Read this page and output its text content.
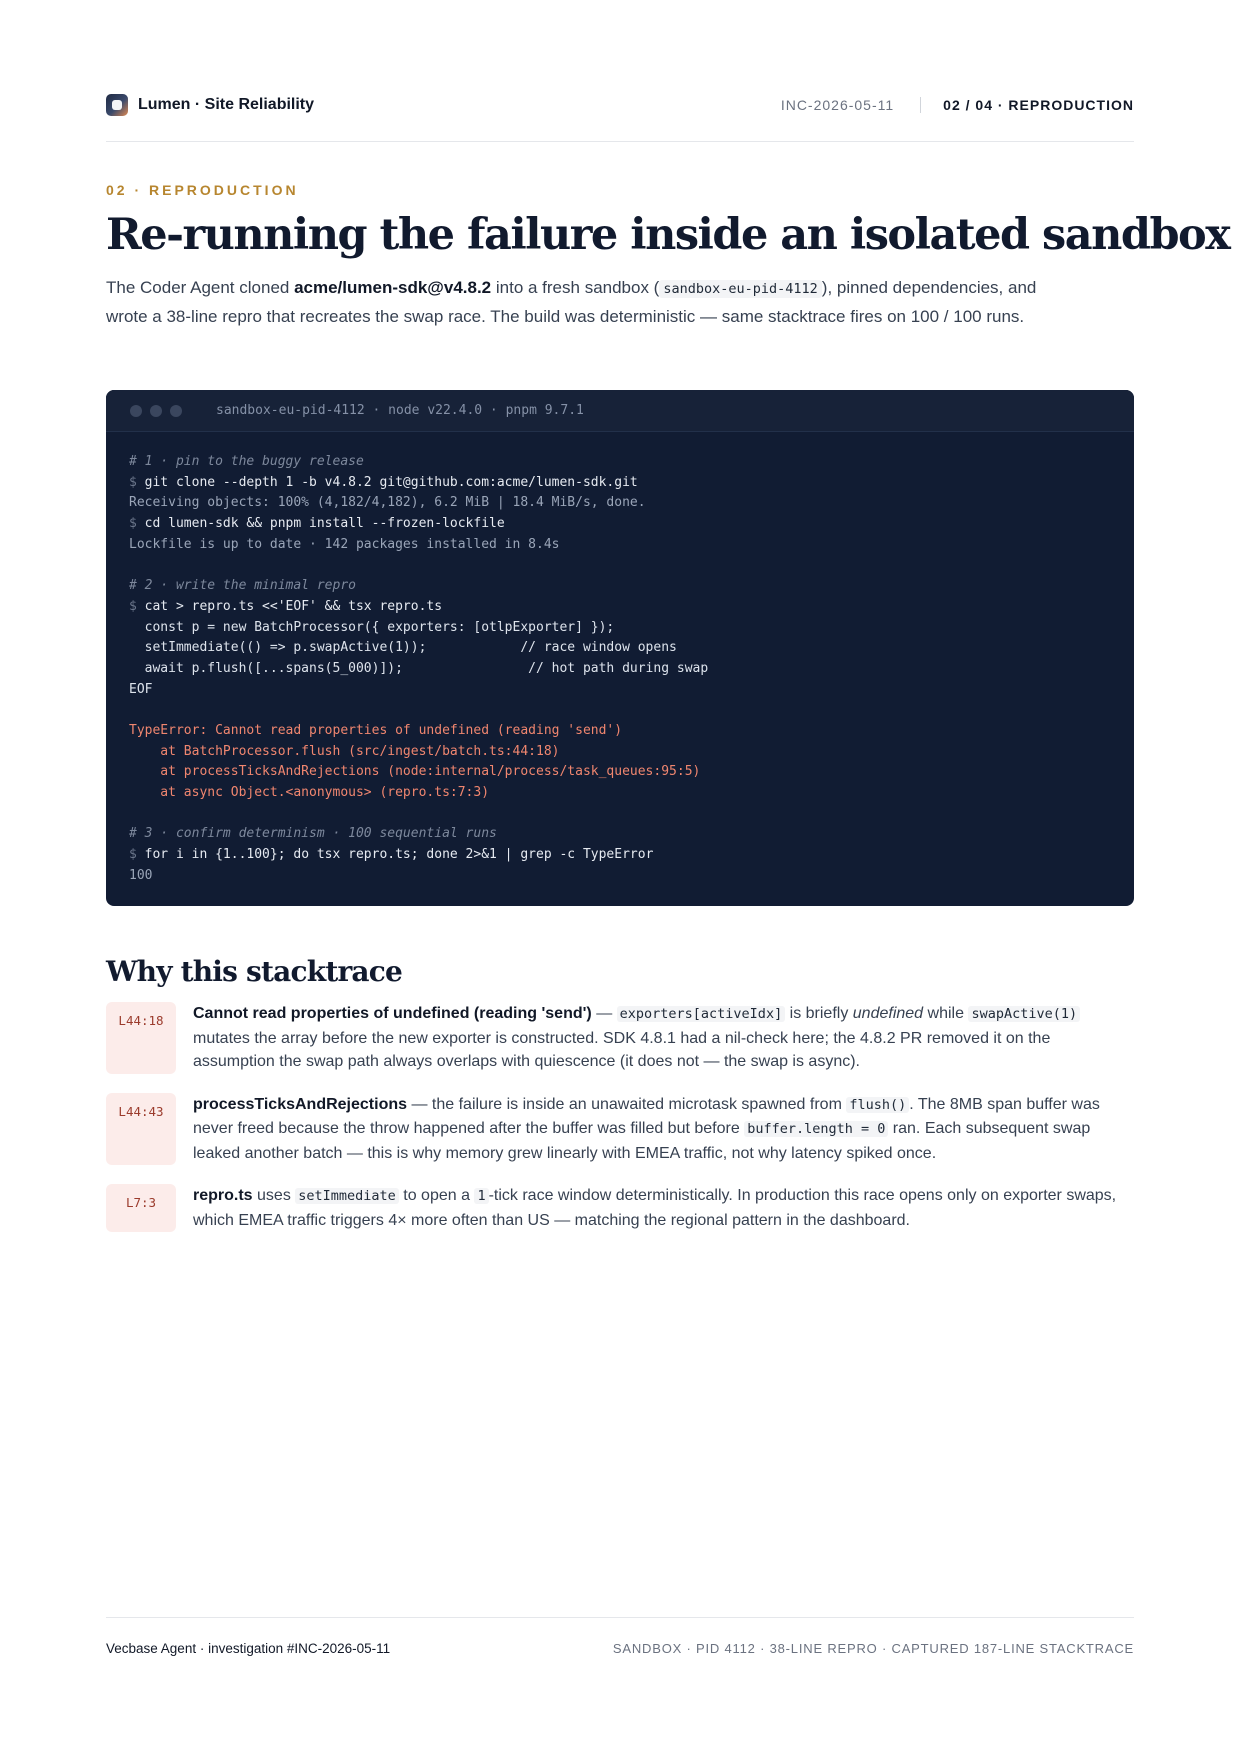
Lumen · Site Reliability	INC-2026-05-11	02 / 04 · REPRODUCTION
02 · REPRODUCTION
Re-running the failure inside an isolated sandbox

The Coder Agent cloned acme/lumen-sdk@v4.8.2 into a fresh sandbox ( sandbox-eu-pid-4112 ), pinned dependencies, and wrote a 38-line repro that recreates the swap race. The build was deterministic — same stacktrace fires on 100 / 100 runs.

sandbox-eu-pid-4112 · node v22.4.0 · pnpm 9.7.1
# 1 · pin to the buggy release
$ git clone --depth 1 -b v4.8.2 git@github.com:acme/lumen-sdk.git
Receiving objects: 100% (4,182/4,182), 6.2 MiB | 18.4 MiB/s, done.
$ cd lumen-sdk && pnpm install --frozen-lockfile
Lockfile is up to date · 142 packages installed in 8.4s
# 2 · write the minimal repro
$ cat > repro.ts <<'EOF' && tsx repro.ts
const p = new BatchProcessor({ exporters: [otlpExporter] });
setImmediate(() => p.swapActive(1));            // race window opens
await p.flush([...spans(5_000)]);                // hot path during swap
EOF
TypeError: Cannot read properties of undefined (reading 'send')
at BatchProcessor.flush (src/ingest/batch.ts:44:18)
at processTicksAndRejections (node:internal/process/task_queues:95:5)
at async Object.<anonymous> (repro.ts:7:3)
# 3 · confirm determinism · 100 sequential runs
$ for i in {1..100}; do tsx repro.ts; done 2>&1 | grep -c TypeError
100
Why this stacktrace
L44:18	Cannot read properties of undefined (reading 'send') — exporters[activeIdx] is briefly undefined while swapActive(1) mutates the array before the new exporter is constructed. SDK 4.8.1 had a nil-check here; the 4.8.2 PR removed it on the assumption the swap path always overlaps with quiescence (it does not — the swap is async).
L44:43	processTicksAndRejections — the failure is inside an unawaited microtask spawned from flush() . The 8MB span buffer was never freed because the throw happened after the buffer was filled but before buffer.length = 0 ran. Each subsequent swap leaked another batch — this is why memory grew linearly with EMEA traffic, not why latency spiked once.
L7:3	repro.ts uses setImmediate to open a 1 -tick race window deterministically. In production this race opens only on exporter swaps, which EMEA traffic triggers 4× more often than US — matching the regional pattern in the dashboard.
Vecbase Agent · investigation #INC-2026-05-11	SANDBOX · PID 4112 · 38-LINE REPRO · CAPTURED 187-LINE STACKTRACE
